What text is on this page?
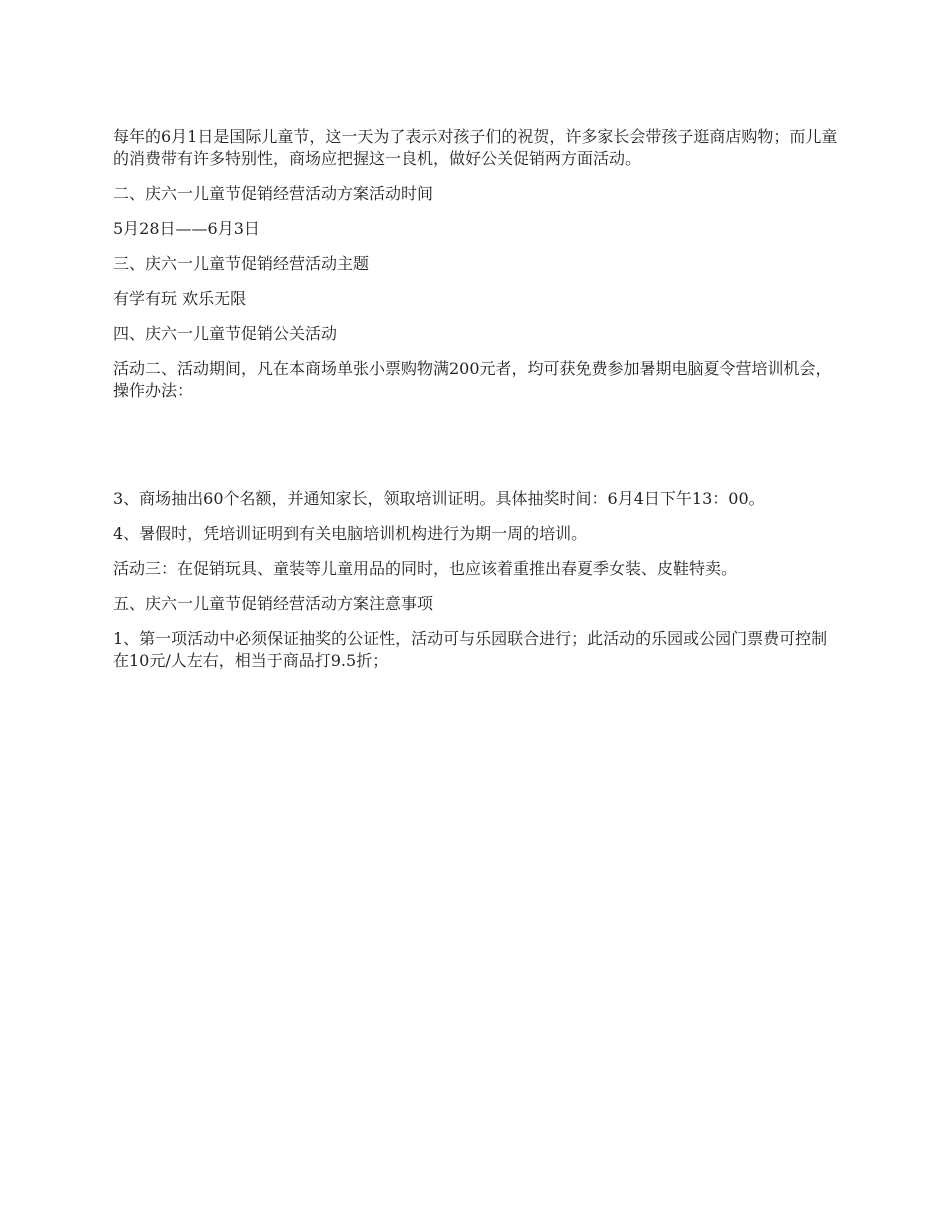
每年的6月1日是国际儿童节，这一天为了表示对孩子们的祝贺，许多家长会带孩子逛商店购物；而儿童的消费带有许多特别性，商场应把握这一良机，做好公关促销两方面活动。

二、庆六一儿童节促销经营活动方案活动时间

5月28日——6月3日

三、庆六一儿童节促销经营活动主题

有学有玩 欢乐无限

四、庆六一儿童节促销公关活动

活动二、活动期间，凡在本商场单张小票购物满200元者，均可获免费参加暑期电脑夏令营培训机会，操作办法：

3、商场抽出60个名额，并通知家长，领取培训证明。具体抽奖时间：6月4日下午13：00。

4、暑假时，凭培训证明到有关电脑培训机构进行为期一周的培训。

活动三：在促销玩具、童装等儿童用品的同时，也应该着重推出春夏季女装、皮鞋特卖。

五、庆六一儿童节促销经营活动方案注意事项

1、第一项活动中必须保证抽奖的公证性，活动可与乐园联合进行；此活动的乐园或公园门票费可控制在10元/人左右，相当于商品打9.5折；
